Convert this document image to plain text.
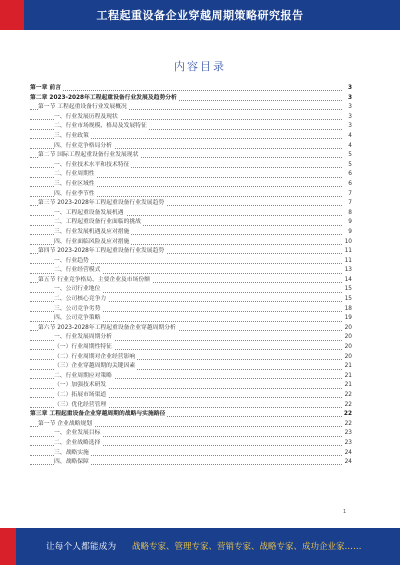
工程起重设备企业穿越周期策略研究报告
内容目录
第一章 前言	3
第二章 2023-2028年工程起重设备行业发展及趋势分析	3
第一节 工程起重设备行业发展概况	3
一、行业发展历程及现状	3
二、行业市场规模、格局及发展特征	3
三、行业政策	4
四、行业竞争格局分析	4
第二节 国际工程起重设备行业发展现状	5
一、行业技术水平和技术特征	5
二、行业周期性	6
三、行业区域性	6
四、行业季节性	7
第三节 2023-2028年工程起重设备行业发展趋势	7
一、工程起重设备发展机遇	8
二、工程起重设备行业面临的挑战	9
三、行业发展机遇及应对措施	9
四、行业面临风险及应对措施	10
第四节 2023-2028年工程起重设备行业发展趋势	11
一、行业趋势	11
二、行业经营模式	13
第五节 行业竞争格局、主要企业及市场份额	14
一、公司行业地位	15
二、公司核心竞争力	15
三、公司竞争劣势	18
四、公司竞争策略	19
第六节 2023-2028年工程起重设备企业穿越周期分析	20
一、行业发展周期分析	20
（一）行业周期性特征	20
（二）行业周期对企业经营影响	20
（三）企业穿越周期的关键因素	21
二、行业周期应对策略	21
（一）加强技术研发	21
（二）拓展市场渠道	22
（三）优化经营管理	22
第三章 工程起重设备企业穿越周期的战略与实施路径	22
第一节 企业战略规划	22
一、企业发展目标	23
二、企业战略选择	23
三、战略实施	24
四、战略保障	24
1
让每个人都能成为 战略专家、管理专家、营销专家、战略专家、成功企业家……
